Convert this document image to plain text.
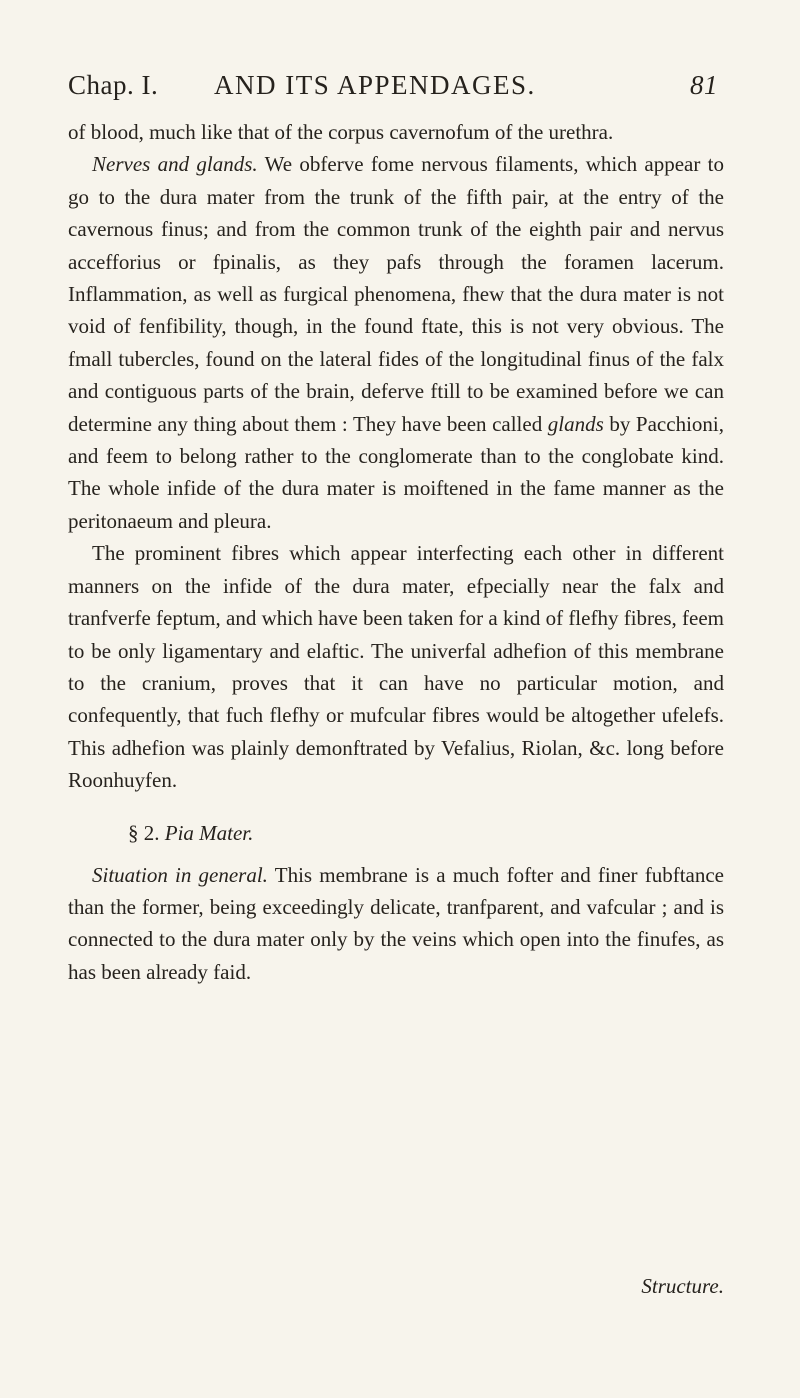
Chap. I. AND ITS APPENDAGES.	81

of blood, much like that of the corpus cavernofum of the urethra.

Nerves and glands. We obferve fome nervous filaments, which appear to go to the dura mater from the trunk of the fifth pair, at the entry of the cavernous finus; and from the common trunk of the eighth pair and nervus accefforius or fpinalis, as they pafs through the foramen lacerum. Inflammation, as well as furgical phenomena, fhew that the dura mater is not void of fenfibility, though, in the found ftate, this is not very obvious. The fmall tubercles, found on the lateral fides of the longitudinal finus of the falx and contiguous parts of the brain, deferve ftill to be examined before we can determine any thing about them : They have been called glands by Pacchioni, and feem to belong rather to the conglomerate than to the conglobate kind. The whole infide of the dura mater is moiftened in the fame manner as the peritonaeum and pleura.

The prominent fibres which appear interfecting each other in different manners on the infide of the dura mater, efpecially near the falx and tranfverfe feptum, and which have been taken for a kind of flefhy fibres, feem to be only ligamentary and elaftic. The univerfal adhefion of this membrane to the cranium, proves that it can have no particular motion, and confequently, that fuch flefhy or mufcular fibres would be altogether ufelefs. This adhefion was plainly demonftrated by Vefalius, Riolan, &c. long before Roonhuyfen.

§ 2. Pia Mater.

Situation in general. This membrane is a much fofter and finer fubftance than the former, being exceedingly delicate, tranfparent, and vafcular ; and is connected to the dura mater only by the veins which open into the finufes, as has been already faid.

Structure.
